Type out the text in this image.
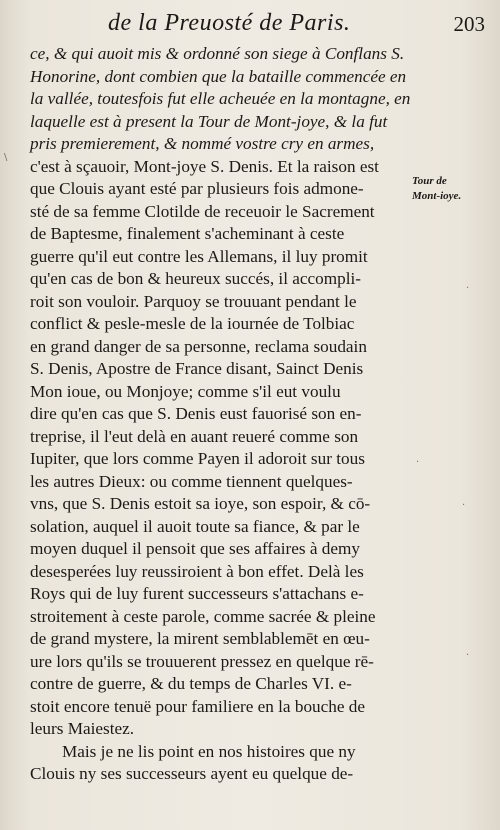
de la Preuosté de Paris.	203
ce, & qui auoit mis & ordonné son siege à Conflans S.
Honorine, dont combien que la bataille commencée en
la vallée, toutesfois fut elle acheuée en la montagne, en
laquelle est à present la Tour de Mont-joye, & la fut
pris premierement, & nommé vostre cry en armes,
c'est à sçauoir, Mont-joye S. Denis. Et la raison est
que Clouis ayant esté par plusieurs fois admone-
sté de sa femme Clotilde de receuoir le Sacrement
de Baptesme, finalement s'acheminant à ceste
guerre qu'il eut contre les Allemans, il luy promit
qu'en cas de bon & heureux succés, il accompli-
roit son vouloir. Parquoy se trouuant pendant le
conflict & pesle-mesle de la iournée de Tolbiac
en grand danger de sa personne, reclama soudain
S. Denis, Apostre de France disant, Sainct Denis
Mon ioue, ou Monjoye; comme s'il eut voulu
dire qu'en cas que S. Denis eust fauorisé son en-
treprise, il l'eut delà en auant reueré comme son
Iupiter, que lors comme Payen il adoroit sur tous
les autres Dieux: ou comme tiennent quelques-
vns, que S. Denis estoit sa ioye, son espoir, & cō-
solation, auquel il auoit toute sa fiance, & par le
moyen duquel il pensoit que ses affaires à demy
desesperées luy reussiroient à bon effet. Delà les
Roys qui de luy furent successeurs s'attachans e-
stroitement à ceste parole, comme sacrée & pleine
de grand mystere, la mirent semblablemēt en œu-
ure lors qu'ils se trouuerent pressez en quelque rē-
contre de guerre, & du temps de Charles VI. e-
stoit encore tenuë pour familiere en la bouche de
leurs Maiestez.
Mais je ne lis point en nos histoires que ny
Clouis ny ses successeurs ayent eu quelque de-
Tour de
Mont-ioye.
\
·
·
·
·
